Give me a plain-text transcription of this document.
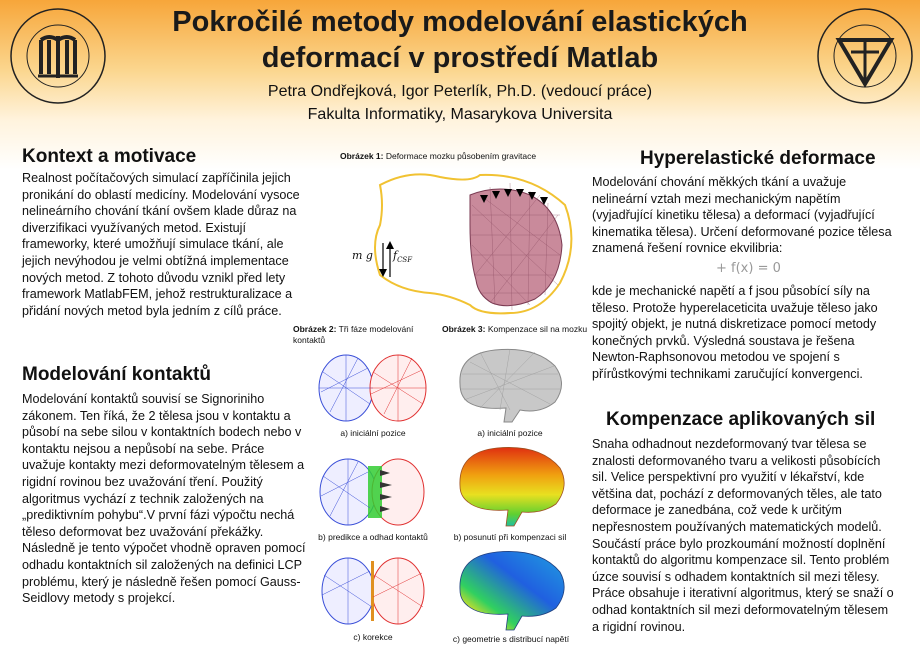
Pokročilé metody modelování elastických
deformací v prostředí Matlab
Petra Ondřejková, Igor Peterlík, Ph.D. (vedoucí práce)
Fakulta Informatiky, Masarykova Universita
Kontext a motivace

Realnost počítačových simulací zapříčinila jejich pronikání do oblastí medicíny. Modelování vysoce nelineárního chování tkání ovšem klade důraz na diverzifikaci využívaných metod. Existují frameworky, které umožňují simulace tkání, ale jejich nevýhodou je velmi obtížná implementace nových metod. Z tohoto důvodu vznikl před lety framework MatlabFEM, jehož restrukturalizace a přidání nových metod byla jedním z cílů práce.

Modelování kontaktů

Modelování kontaktů souvisí se Signoriniho zákonem. Ten říká, že 2 tělesa jsou v kontaktu a působí na sebe silou v kontaktních bodech nebo v kontaktu nejsou a nepůsobí na sebe. Práce uvažuje kontakty mezi deformovatelným tělesem a rigidní rovinou bez uvažování tření. Použitý algoritmus vychází z technik založených na „prediktivním pohybu“.V první fázi výpočtu nechá těleso deformovat bez uvažování překážky. Následně je tento výpočet vhodně opraven pomocí odhadu kontaktních sil založených na definici LCP problému, který je následně řešen pomocí Gauss-Seidlovy metody s projekcí.

Obrázek 1: Deformace mozku působením gravitace
m g $f_{CSF}$
Obrázek 2: Tři fáze modelování kontaktů
a) iniciální pozice
b) predikce a odhad kontaktů
c) korekce
Obrázek 3: Kompenzace sil na mozku
a) iniciální pozice
b) posunutí při kompenzaci sil
c) geometrie s distribucí napětí
Hyperelastické deformace

Modelování chování měkkých tkání a uvažuje nelineární vztah mezi mechanickým napětím (vyjadřující kinetiku tělesa) a deformací (vyjadřující kinematika tělesa). Určení deformované pozice tělesa znamená řešení rovnice ekvilibria:

+ f(x) = 0

kde je mechanické napětí a f jsou působící síly na těleso. Protože hyperelaceticita uvažuje těleso jako spojitý objekt, je nutná diskretizace pomocí metody konečných prvků. Výsledná soustava je řešena Newton-Raphsonovou metodou ve spojení s přírůstkovými technikami zaručující konvergenci.

Kompenzace aplikovaných sil

Snaha odhadnout nezdeformovaný tvar tělesa se znalosti deformovaného tvaru a velikosti působících sil. Velice perspektivní pro využití v lékařství, kde většina dat, pochází z deformovaných těles, ale tato deformace je zanedbána, což vede k určitým nepřesnostem používaných matematických modelů. Součástí práce bylo prozkoumání možností doplnění kontaktů do algoritmu kompenzace sil. Tento problém úzce souvisí s odhadem kontaktních sil mezi tělesy. Práce obsahuje i iterativní algoritmus, který se snaží o odhad kontaktních sil mezi deformovatelným tělesem a rigidní rovinou.
